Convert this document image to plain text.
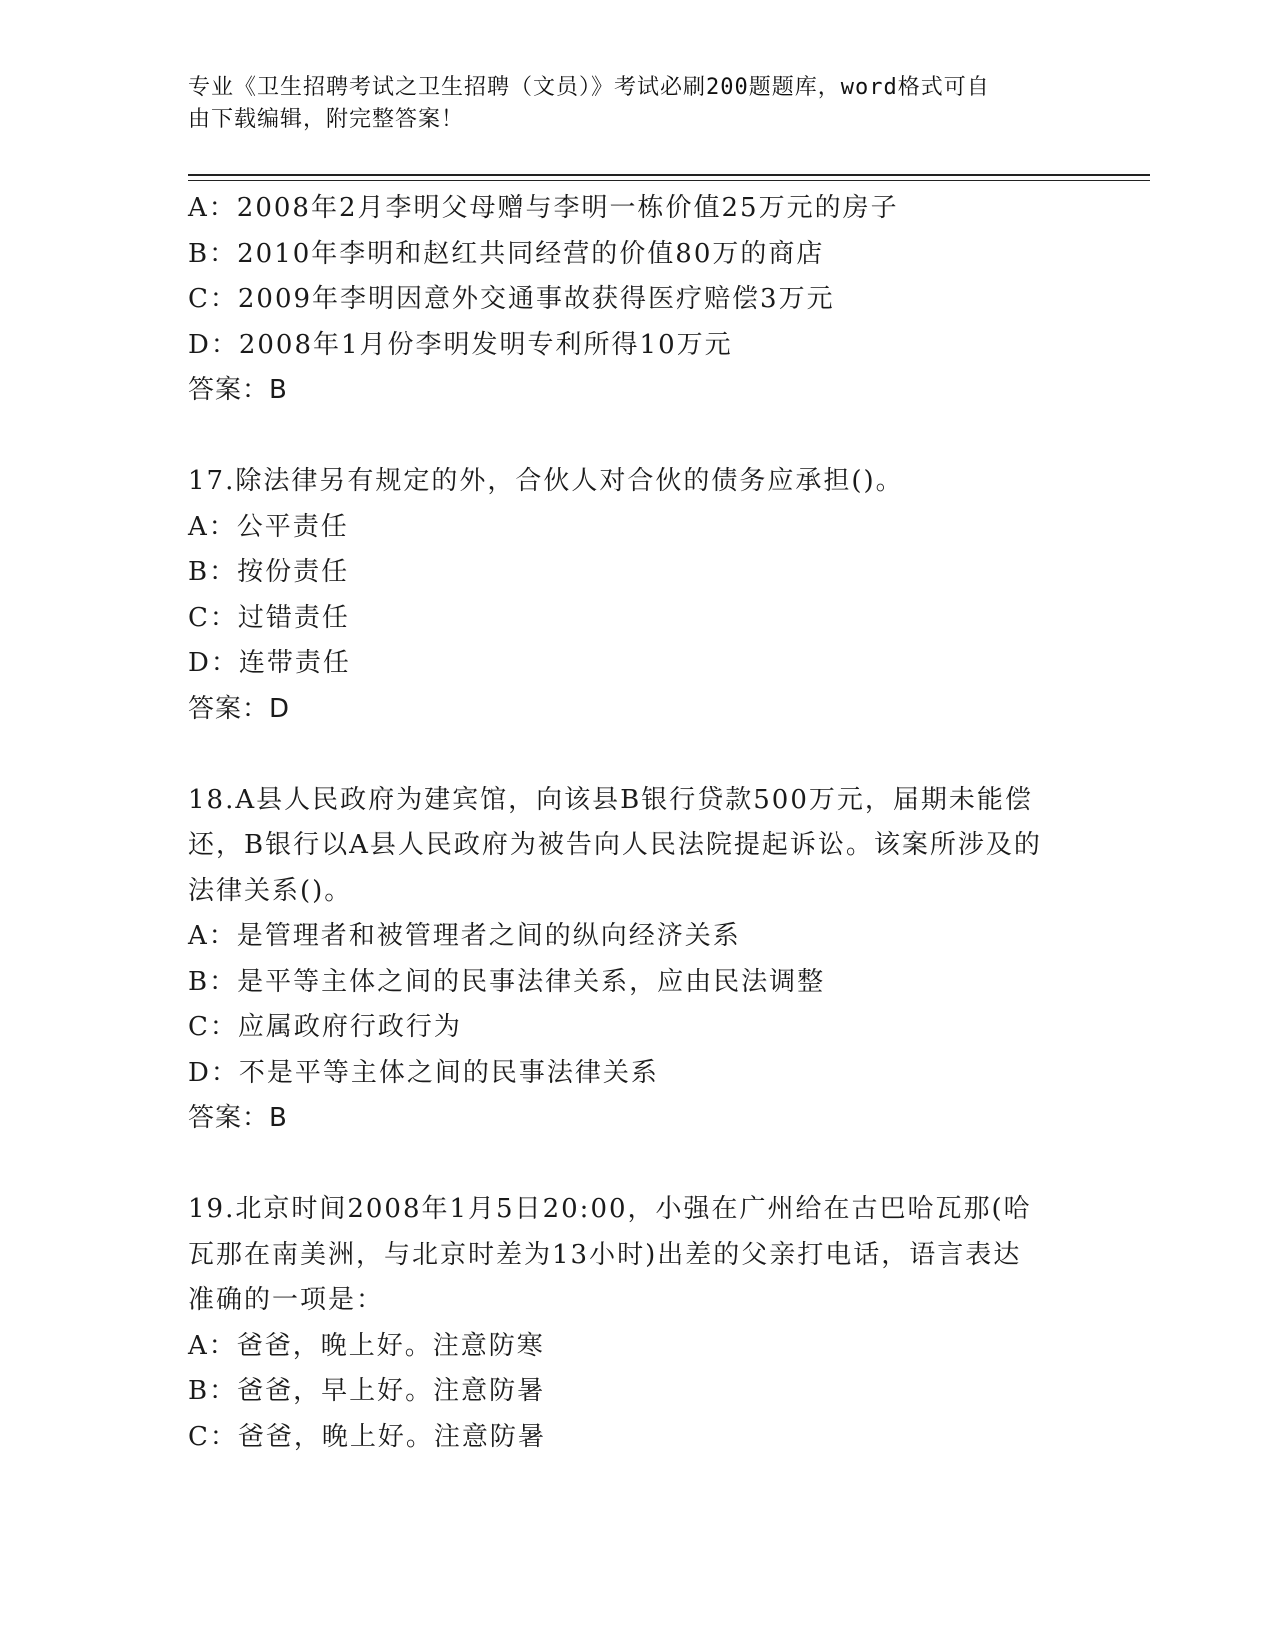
专业《卫生招聘考试之卫生招聘（文员）》考试必刷200题题库，word格式可自
由下载编辑，附完整答案！
A：2008年2月李明父母赠与李明一栋价值25万元的房子
B：2010年李明和赵红共同经营的价值80万的商店
C：2009年李明因意外交通事故获得医疗赔偿3万元
D：2008年1月份李明发明专利所得10万元
答案：B
17.除法律另有规定的外，合伙人对合伙的债务应承担()。
A：公平责任
B：按份责任
C：过错责任
D：连带责任
答案：D
18.A县人民政府为建宾馆，向该县B银行贷款500万元，届期未能偿
还，B银行以A县人民政府为被告向人民法院提起诉讼。该案所涉及的
法律关系()。
A：是管理者和被管理者之间的纵向经济关系
B：是平等主体之间的民事法律关系，应由民法调整
C：应属政府行政行为
D：不是平等主体之间的民事法律关系
答案：B
19.北京时间2008年1月5日20:00，小强在广州给在古巴哈瓦那(哈
瓦那在南美洲，与北京时差为13小时)出差的父亲打电话，语言表达
准确的一项是：
A：爸爸，晚上好。注意防寒
B：爸爸，早上好。注意防暑
C：爸爸，晚上好。注意防暑
